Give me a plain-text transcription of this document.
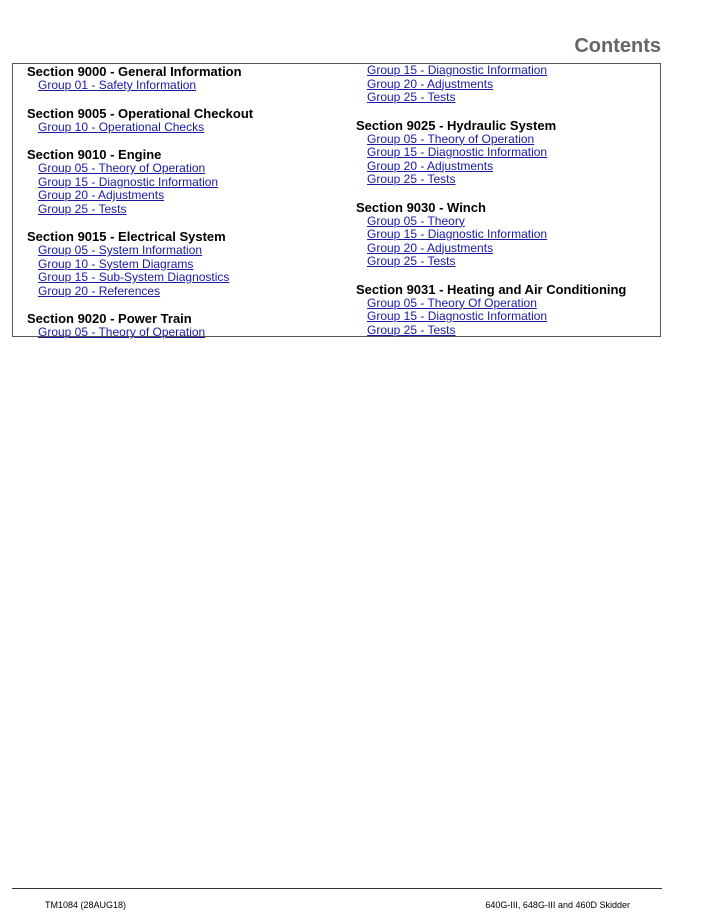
Contents
Section 9000 - General Information
Group 01 - Safety Information
Section 9005 - Operational Checkout
Group 10 - Operational Checks
Section 9010 - Engine
Group 05 - Theory of Operation
Group 15 - Diagnostic Information
Group 20 - Adjustments
Group 25 - Tests
Section 9015 - Electrical System
Group 05 - System Information
Group 10 - System Diagrams
Group 15 - Sub-System Diagnostics
Group 20 - References
Section 9020 - Power Train
Group 05 - Theory of Operation
Group 15 - Diagnostic Information
Group 20 - Adjustments
Group 25 - Tests
Section 9025 - Hydraulic System
Group 05 - Theory of Operation
Group 15 - Diagnostic Information
Group 20 - Adjustments
Group 25 - Tests
Section 9030 - Winch
Group 05 - Theory
Group 15 - Diagnostic Information
Group 20 - Adjustments
Group 25 - Tests
Section 9031 - Heating and Air Conditioning
Group 05 - Theory Of Operation
Group 15 - Diagnostic Information
Group 25 - Tests
TM1084 (28AUG18)	640G-III, 648G-III and 460D Skidder
